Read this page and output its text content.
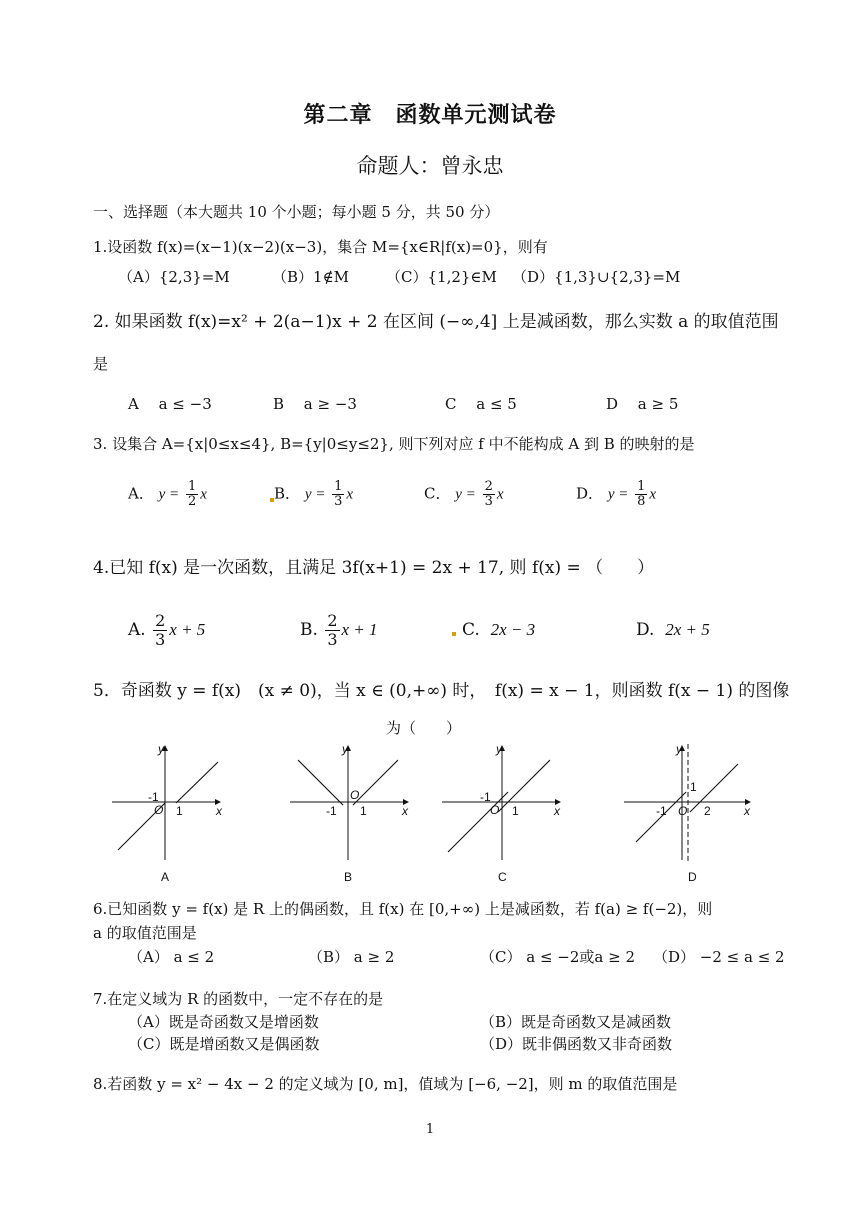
第二章　函数单元测试卷
命题人：曾永忠
一、选择题（本大题共 10 个小题；每小题 5 分，共 50 分）
1.设函数 f(x)=(x−1)(x−2)(x−3)，集合 M={x∈R|f(x)=0}，则有
（A）{2,3}=M	（B）1∉M （C）{1,2}∈M （D）{1,3}∪{2,3}=M
2. 如果函数 f(x)=x² + 2(a−1)x + 2 在区间 (−∞,4] 上是减函数，那么实数 a 的取值范围
是
A　 a ≤ −3	B　 a ≥ −3	C　 a ≤ 5	D　 a ≥ 5
3. 设集合 A={x|0≤x≤4}, B={y|0≤y≤2}, 则下列对应 f 中不能构成 A 到 B 的映射的是
A． $y = \frac{1}{2}$ x	B． $y = \frac{1}{3}$ x	C． $y = \frac{2}{3}$ x	D． $y = \frac{1}{8}$ x
4.已知 f(x) 是一次函数，且满足 3f(x+1) = 2x + 17, 则 f(x) = （　　）
A. $\frac{2}{3}$ x + 5	B. $\frac{2}{3}$ x + 1	C. 2x − 3	D. 2x + 5
5．奇函数 y = f(x)　(x ≠ 0)，当 x ∈ (0,+∞) 时，　f(x) = x − 1，则函数 f(x − 1) 的图像
为（　　）
-1
O 1
y
x
A
O
-1 1
y
x
B
-1
O 1
y
x
C
1
-1 O 2
y
x
D
6.已知函数 y = f(x) 是 R 上的偶函数，且 f(x) 在 [0,+∞) 上是减函数，若 f(a) ≥ f(−2)，则
a 的取值范围是
（A） a ≤ 2	（B） a ≥ 2	（C） a ≤ −2或a ≥ 2 （D） −2 ≤ a ≤ 2
7.在定义域为 R 的函数中，一定不存在的是
（A）既是奇函数又是增函数	（B）既是奇函数又是减函数
（C）既是增函数又是偶函数	（D）既非偶函数又非奇函数
8.若函数 y = x² − 4x − 2 的定义域为 [0, m]，值域为 [−6, −2]，则 m 的取值范围是
1
